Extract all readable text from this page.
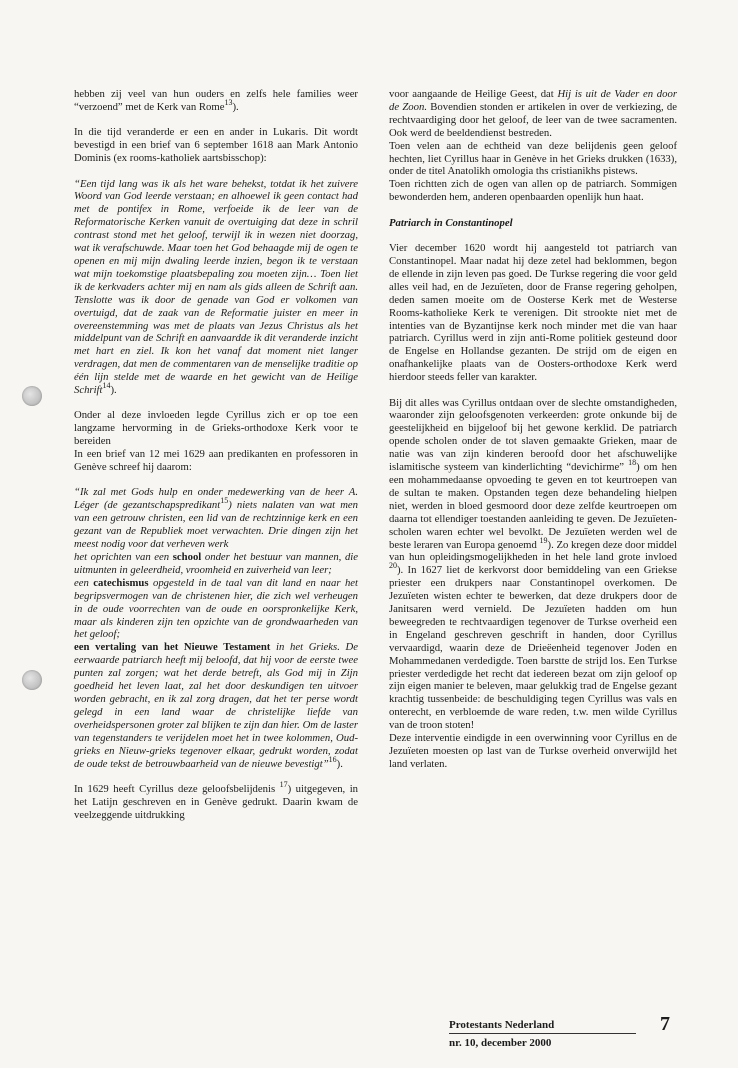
hebben zij veel van hun ouders en zelfs hele families weer “verzoend” met de Kerk van Rome$^{13}$).

In die tijd veranderde er een en ander in Lukaris. Dit wordt bevestigd in een brief van 6 september 1618 aan Mark Antonio Dominis (ex rooms-katholiek aartsbisschop):

“Een tijd lang was ik als het ware behekst, totdat ik het zuivere Woord van God leerde verstaan; en alhoewel ik geen contact had met de pontifex in Rome, verfoeide ik de leer van de Reformatorische Kerken vanuit de overtuiging dat deze in schril contrast stond met het geloof, terwijl ik in wezen niet doorzag, wat ik verafschuwde. Maar toen het God behaagde mij de ogen te openen en mij mijn dwaling leerde inzien, begon ik te verstaan wat mijn toekomstige plaatsbepaling zou moeten zijn… Toen liet ik de kerkvaders achter mij en nam als gids alleen de Schrift aan. Tenslotte was ik door de genade van God er volkomen van overtuigd, dat de zaak van de Reformatie juister en meer in overeenstemming was met de plaats van Jezus Christus als het middelpunt van de Schrift en aanvaardde ik dit veranderde inzicht met hart en ziel. Ik kon het vanaf dat moment niet langer verdragen, dat men de commentaren van de menselijke traditie op één lijn stelde met de waarde en het gewicht van de Heilige Schrift$^{14}$).

Onder al deze invloeden legde Cyrillus zich er op toe een langzame hervorming in de Grieks-orthodoxe Kerk voor te bereiden

In een brief van 12 mei 1629 aan predikanten en professoren in Genève schreef hij daarom:

“Ik zal met Gods hulp en onder medewerking van de heer A. Léger (de gezantschapspredikant$^{15}$) niets nalaten van wat men van een getrouw christen, een lid van de rechtzinnige kerk en een gezant van de Republiek moet verwachten. Drie dingen zijn het meest nodig voor dat verheven werk

het oprichten van een school onder het bestuur van mannen, die uitmunten in geleerdheid, vroomheid en zuiverheid van leer;

een catechismus opgesteld in de taal van dit land en naar het begripsvermogen van de christenen hier, die zich wel verheugen in de oude voorrechten van de oude en oorspronkelijke Kerk, maar als kinderen zijn ten opzichte van de grondwaarheden van het geloof;

een vertaling van het Nieuwe Testament in het Grieks. De eerwaarde patriarch heeft mij beloofd, dat hij voor de eerste twee punten zal zorgen; wat het derde betreft, als God mij in Zijn goedheid het leven laat, zal het door deskundigen ten uitvoer worden gebracht, en ik zal zorg dragen, dat het ter perse wordt gelegd in een land waar de christelijke liefde van overheidspersonen groter zal blijken te zijn dan hier. Om de laster van tegenstanders te verijdelen moet het in twee kolommen, Oud-grieks en Nieuw-grieks tegenover elkaar, gedrukt worden, zodat de oude tekst de betrouwbaarheid van de nieuwe bevestigt”$^{16}$).

In 1629 heeft Cyrillus deze geloofsbelijdenis $^{17}$) uitgegeven, in het Latijn geschreven en in Genève gedrukt. Daarin kwam de veelzeggende uitdrukking

voor aangaande de Heilige Geest, dat Hij is uit de Vader en door de Zoon. Bovendien stonden er artikelen in over de verkiezing, de rechtvaardiging door het geloof, de leer van de twee sacramenten. Ook werd de beeldendienst bestreden.

Toen velen aan de echtheid van deze belijdenis geen geloof hechten, liet Cyrillus haar in Genève in het Grieks drukken (1633), onder de titel Anatolikh omologia ths cristianikhs pistews.

Toen richtten zich de ogen van allen op de patriarch. Sommigen bewonderden hem, anderen openbaarden openlijk hun haat.

Patriarch in Constantinopel

Vier december 1620 wordt hij aangesteld tot patriarch van Constantinopel. Maar nadat hij deze zetel had beklommen, begon de ellende in zijn leven pas goed. De Turkse regering die voor geld alles veil had, en de Jezuïeten, door de Franse regering geholpen, deden samen moeite om de Oosterse Kerk met de Westerse Rooms-katholieke Kerk te verenigen. Dit strookte niet met de intenties van de Byzantijnse kerk noch minder met die van haar patriarch. Cyrillus werd in zijn anti-Rome politiek gesteund door de Engelse en Hollandse gezanten. De strijd om de eigen en onafhankelijke plaats van de Oosters-orthodoxe Kerk werd hierdoor steeds feller van karakter.

Bij dit alles was Cyrillus ontdaan over de slechte omstandigheden, waaronder zijn geloofsgenoten verkeerden: grote onkunde bij de geestelijkheid en bijgeloof bij het gewone kerklid. De patriarch opende scholen onder de tot slaven gemaakte Grieken, maar de natie was van zijn kinderen beroofd door het afschuwelijke islamitische systeem van kinderlichting “devichirme” $^{18}$) om hen een mohammedaanse opvoeding te geven en tot keurtroepen van de sultan te maken. Opstanden tegen deze behandeling hielpen niet, werden in bloed gesmoord door deze zelfde keurtroepen om daarna tot ellendiger toestanden aanleiding te geven. De Jezuïeten-scholen waren echter wel bevolkt. De Jezuïeten werden wel de beste leraren van Europa genoemd $^{19}$). Zo kregen deze door middel van hun opleidingsmogelijkheden in het hele land grote invloed $^{20}$). In 1627 liet de kerkvorst door bemiddeling van een Griekse priester een drukpers naar Constantinopel overkomen. De Jezuïeten wisten echter te bewerken, dat deze drukpers door de Janitsaren werd vernield. De Jezuïeten hadden om hun beweegreden te rechtvaardigen tegenover de Turkse overheid een in Engeland geschreven geschrift in handen, door Cyrillus vervaardigd, waarin deze de Drieëenheid tegenover Joden en Mohammedanen verdedigde. Toen barstte de strijd los. Een Turkse priester verdedigde het recht dat iedereen bezat om zijn geloof op zijn eigen manier te beleven, maar gelukkig trad de Engelse gezant krachtig tussenbeide: de beschuldiging tegen Cyrillus was vals en onterecht, en verbloemde de ware reden, t.w. men wilde Cyrillus van de troon stoten!

Deze interventie eindigde in een overwinning voor Cyrillus en de Jezuïeten moesten op last van de Turkse overheid onverwijld het land verlaten.

Protestants Nederland
nr. 10, december 2000
7
